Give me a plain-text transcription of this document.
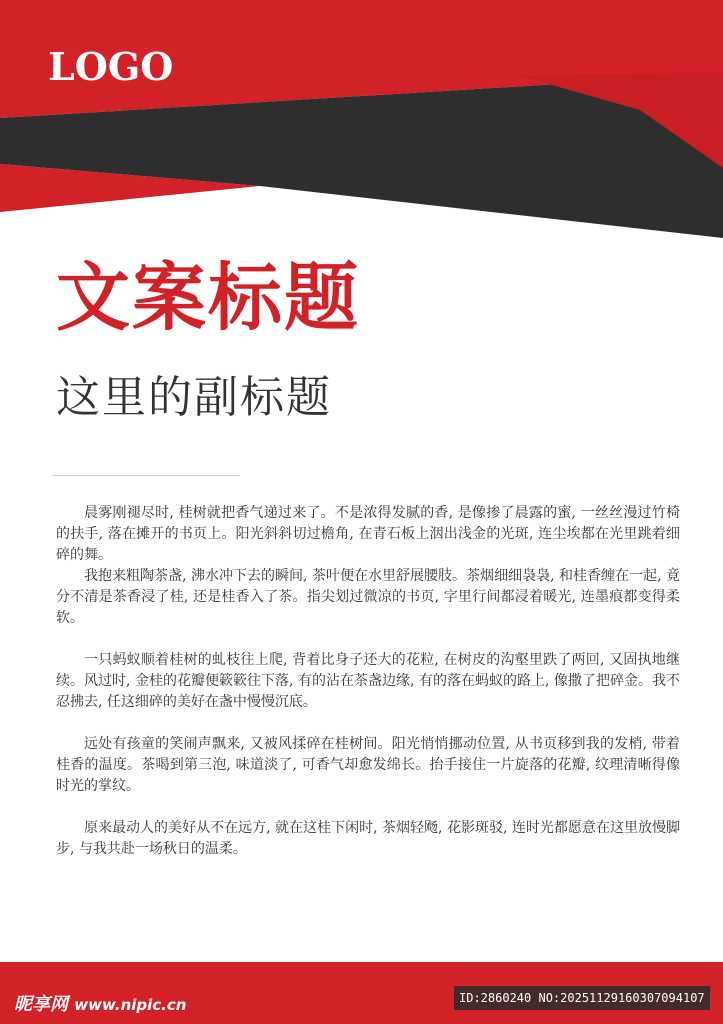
LOGO
文案标题
这里的副标题

晨雾刚褪尽时, 桂树就把香气递过来了。不是浓得发腻的香, 是像掺了晨露的蜜, 一丝丝漫过竹椅的扶手, 落在摊开的书页上。阳光斜斜切过檐角, 在青石板上洇出浅金的光斑, 连尘埃都在光里跳着细碎的舞。

我抱来粗陶茶盏, 沸水冲下去的瞬间, 茶叶便在水里舒展腰肢。茶烟细细袅袅, 和桂香缠在一起, 竟分不清是茶香浸了桂, 还是桂香入了茶。指尖划过微凉的书页, 字里行间都浸着暖光, 连墨痕都变得柔软。

一只蚂蚁顺着桂树的虬枝往上爬, 背着比身子还大的花粒, 在树皮的沟壑里跌了两回, 又固执地继续。风过时, 金桂的花瓣便簌簌往下落, 有的沾在茶盏边缘, 有的落在蚂蚁的路上, 像撒了把碎金。我不忍拂去, 任这细碎的美好在盏中慢慢沉底。

远处有孩童的笑闹声飘来, 又被风揉碎在桂树间。阳光悄悄挪动位置, 从书页移到我的发梢, 带着桂香的温度。茶喝到第三泡, 味道淡了, 可香气却愈发绵长。抬手接住一片旋落的花瓣, 纹理清晰得像时光的掌纹。

原来最动人的美好从不在远方, 就在这桂下闲时, 茶烟轻飏, 花影斑驳, 连时光都愿意在这里放慢脚步, 与我共赴一场秋日的温柔。

昵享网 www.nipic.cn	ID:2860240 NO:20251129160307094107
